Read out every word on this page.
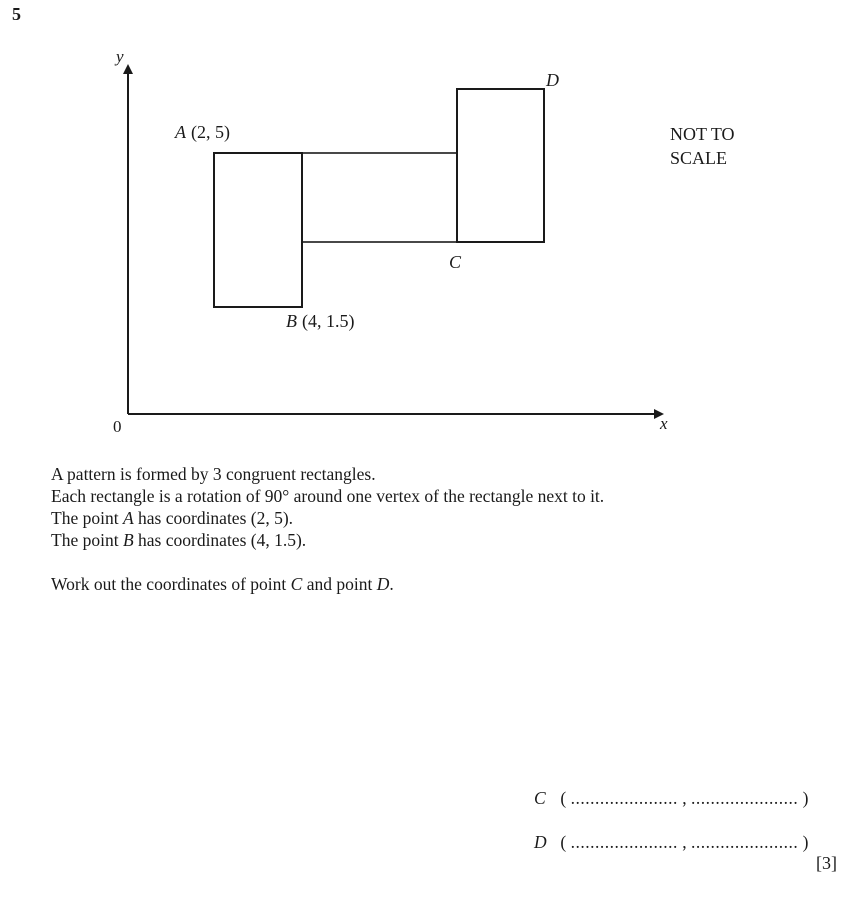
5
y
x
0
A (2, 5)
B (4, 1.5)
C
D
NOT TO
SCALE

A pattern is formed by 3 congruent rectangles.

Each rectangle is a rotation of 90° around one vertex of the rectangle next to it.

The point A has coordinates (2, 5).

The point B has coordinates (4, 1.5).

Work out the coordinates of point C and point D.

C ( ...................... , ...................... )
D ( ...................... , ...................... )
[3]
